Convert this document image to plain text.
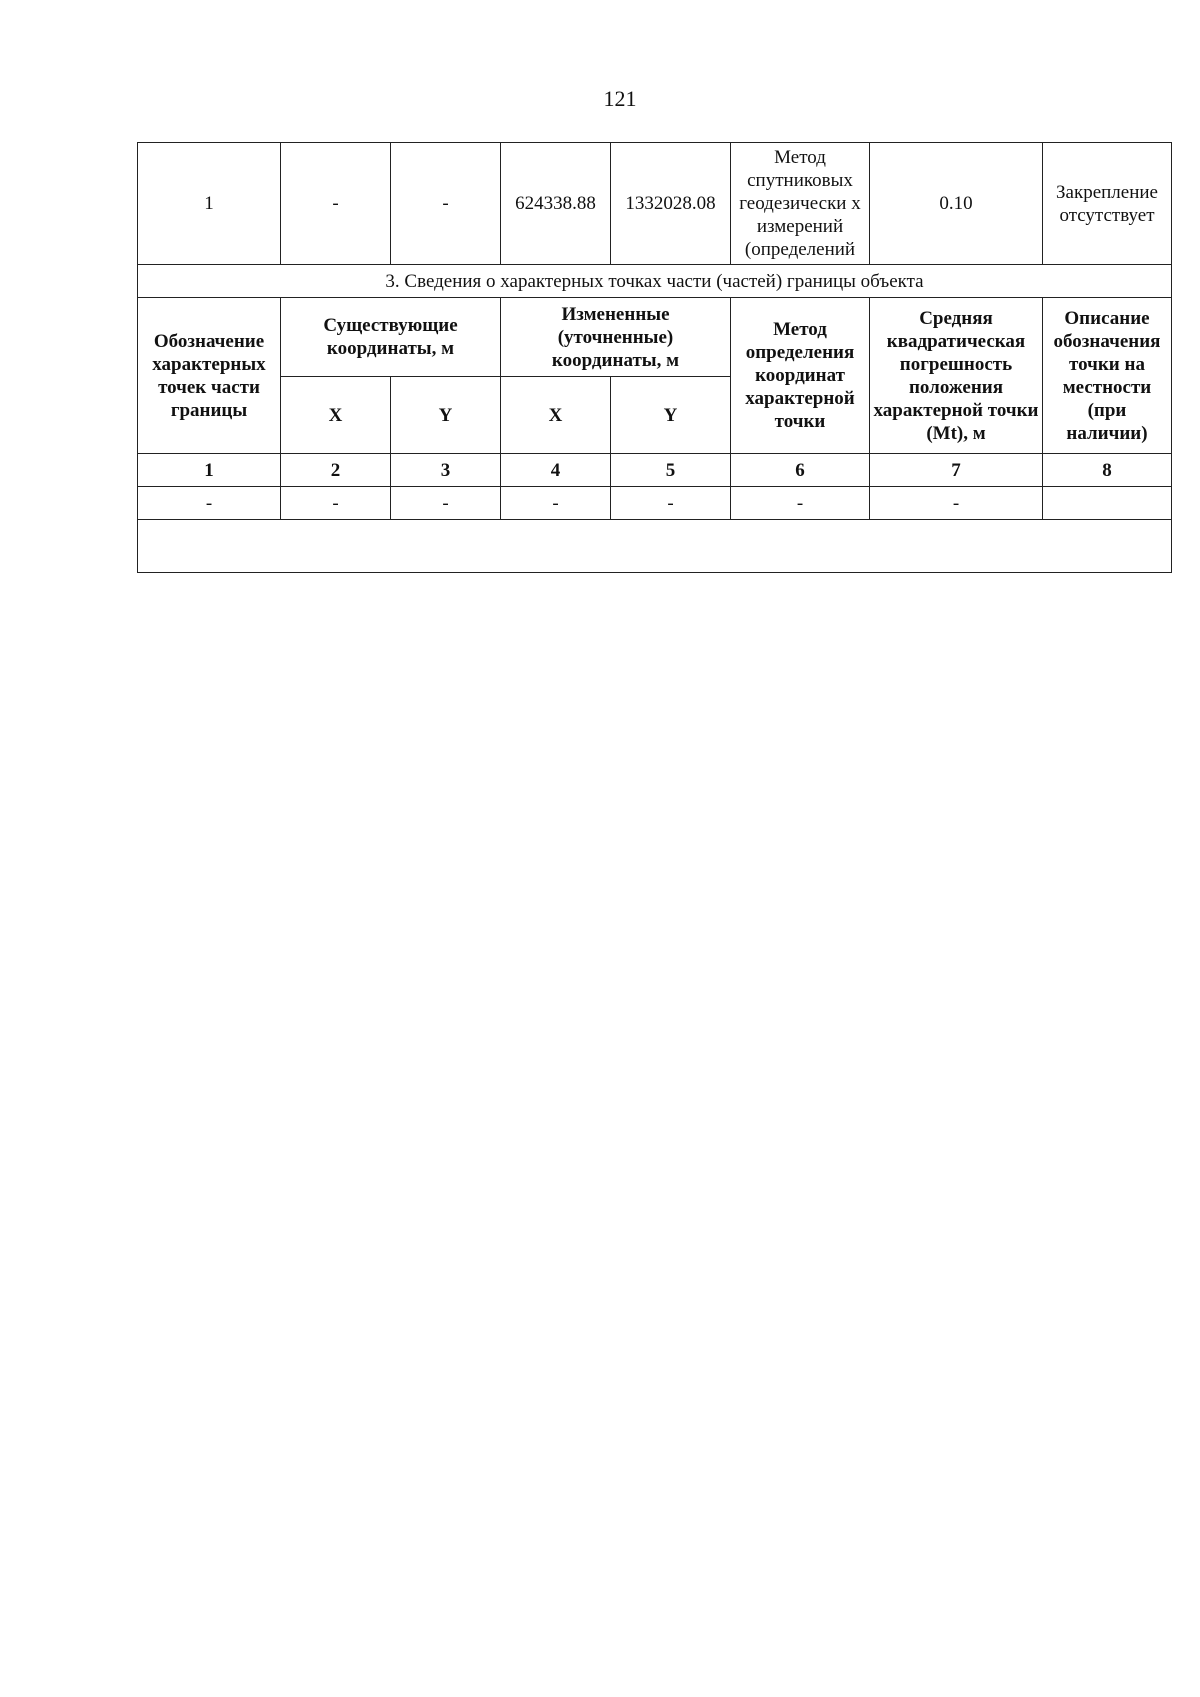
121
1	-	-	624338.88	1332028.08	Метод спутниковых геодезически х измерений (определений	0.10	Закрепление отсутствует
3. Сведения о характерных точках части (частей) границы объекта							
Обозначение характерных точек части границы	Существующие координаты, м		Измененные (уточненные) координаты, м		Метод определения координат характерной точки	Средняя квадратическая погрешность положения характерной точки (Mt), м	Описание обозначения точки на местности (при наличии)
	X	Y	X	Y			
1	2	3	4	5	6	7	8
-	-	-	-	-	-	-	
